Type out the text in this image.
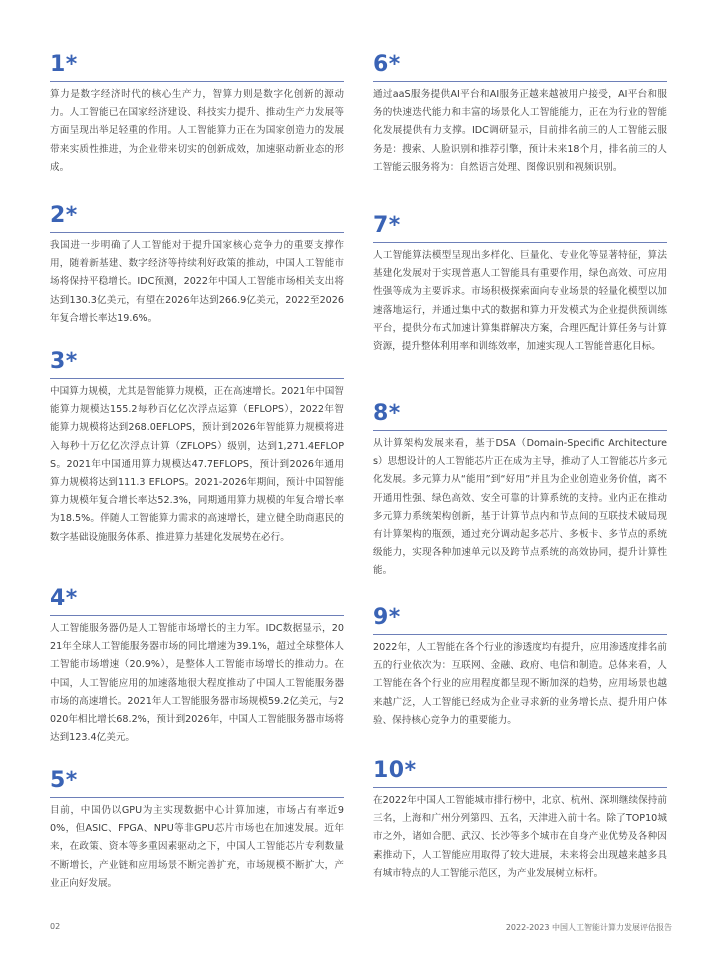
1*
算力是数字经济时代的核心生产力，智算力则是数字化创新的源动力。人工智能已在国家经济建设、科技实力提升、推动生产力发展等方面呈现出举足轻重的作用。人工智能算力正在为国家创造力的发展带来实质性推进，为企业带来切实的创新成效，加速驱动新业态的形成。
2*
我国进一步明确了人工智能对于提升国家核心竞争力的重要支撑作用，随着新基建、数字经济等持续利好政策的推动，中国人工智能市场将保持平稳增长。IDC预测，2022年中国人工智能市场相关支出将达到130.3亿美元，有望在2026年达到266.9亿美元，2022至2026年复合增长率达19.6%。
3*
中国算力规模，尤其是智能算力规模，正在高速增长。2021年中国智能算力规模达155.2每秒百亿亿次浮点运算（EFLOPS），2022年智能算力规模将达到268.0EFLOPS，预计到2026年智能算力规模将进入每秒十万亿亿次浮点计算（ZFLOPS）级别，达到1,271.4EFLOPS。2021年中国通用算力规模达47.7EFLOPS，预计到2026年通用算力规模将达到111.3 EFLOPS。2021-2026年期间，预计中国智能算力规模年复合增长率达52.3%，同期通用算力规模的年复合增长率为18.5%。伴随人工智能算力需求的高速增长，建立健全助商惠民的数字基础设施服务体系、推进算力基建化发展势在必行。
4*
人工智能服务器仍是人工智能市场增长的主力军。IDC数据显示，2021年全球人工智能服务器市场的同比增速为39.1%，超过全球整体人工智能市场增速（20.9%），是整体人工智能市场增长的推动力。在中国，人工智能应用的加速落地很大程度推动了中国人工智能服务器市场的高速增长。2021年人工智能服务器市场规模59.2亿美元，与2020年相比增长68.2%，预计到2026年，中国人工智能服务器市场将达到123.4亿美元。
5*
目前，中国仍以GPU为主实现数据中心计算加速，市场占有率近90%，但ASIC、FPGA、NPU等非GPU芯片市场也在加速发展。近年来，在政策、资本等多重因素驱动之下，中国人工智能芯片专利数量不断增长，产业链和应用场景不断完善扩充，市场规模不断扩大，产业正向好发展。
6*
通过aaS服务提供AI平台和AI服务正越来越被用户接受，AI平台和服务的快速迭代能力和丰富的场景化人工智能能力，正在为行业的智能化发展提供有力支撑。IDC调研显示，目前排名前三的人工智能云服务是：搜索、人脸识别和推荐引擎，预计未来18个月，排名前三的人工智能云服务将为：自然语言处理、图像识别和视频识别。
7*
人工智能算法模型呈现出多样化、巨量化、专业化等显著特征，算法基建化发展对于实现普惠人工智能具有重要作用，绿色高效、可应用性强等成为主要诉求。市场积极探索面向专业场景的轻量化模型以加速落地运行，并通过集中式的数据和算力开发模式为企业提供预训练平台，提供分布式加速计算集群解决方案，合理匹配计算任务与计算资源，提升整体利用率和训练效率，加速实现人工智能普惠化目标。
8*
从计算架构发展来看，基于DSA（Domain-Specific Architectures）思想设计的人工智能芯片正在成为主导，推动了人工智能芯片多元化发展。多元算力从“能用”到“好用”并且为企业创造业务价值，离不开通用性强、绿色高效、安全可靠的计算系统的支持。业内正在推动多元算力系统架构创新，基于计算节点内和节点间的互联技术破局现有计算架构的瓶颈，通过充分调动起多芯片、多板卡、多节点的系统级能力，实现各种加速单元以及跨节点系统的高效协同，提升计算性能。
9*
2022年，人工智能在各个行业的渗透度均有提升，应用渗透度排名前五的行业依次为：互联网、金融、政府、电信和制造。总体来看，人工智能在各个行业的应用程度都呈现不断加深的趋势，应用场景也越来越广泛，人工智能已经成为企业寻求新的业务增长点、提升用户体验、保持核心竞争力的重要能力。
10*
在2022年中国人工智能城市排行榜中，北京、杭州、深圳继续保持前三名，上海和广州分列第四、五名，天津进入前十名。除了TOP10城市之外，诸如合肥、武汉、长沙等多个城市在自身产业优势及各种因素推动下，人工智能应用取得了较大进展，未来将会出现越来越多具有城市特点的人工智能示范区，为产业发展树立标杆。
02	2022-2023 中国人工智能计算力发展评估报告
